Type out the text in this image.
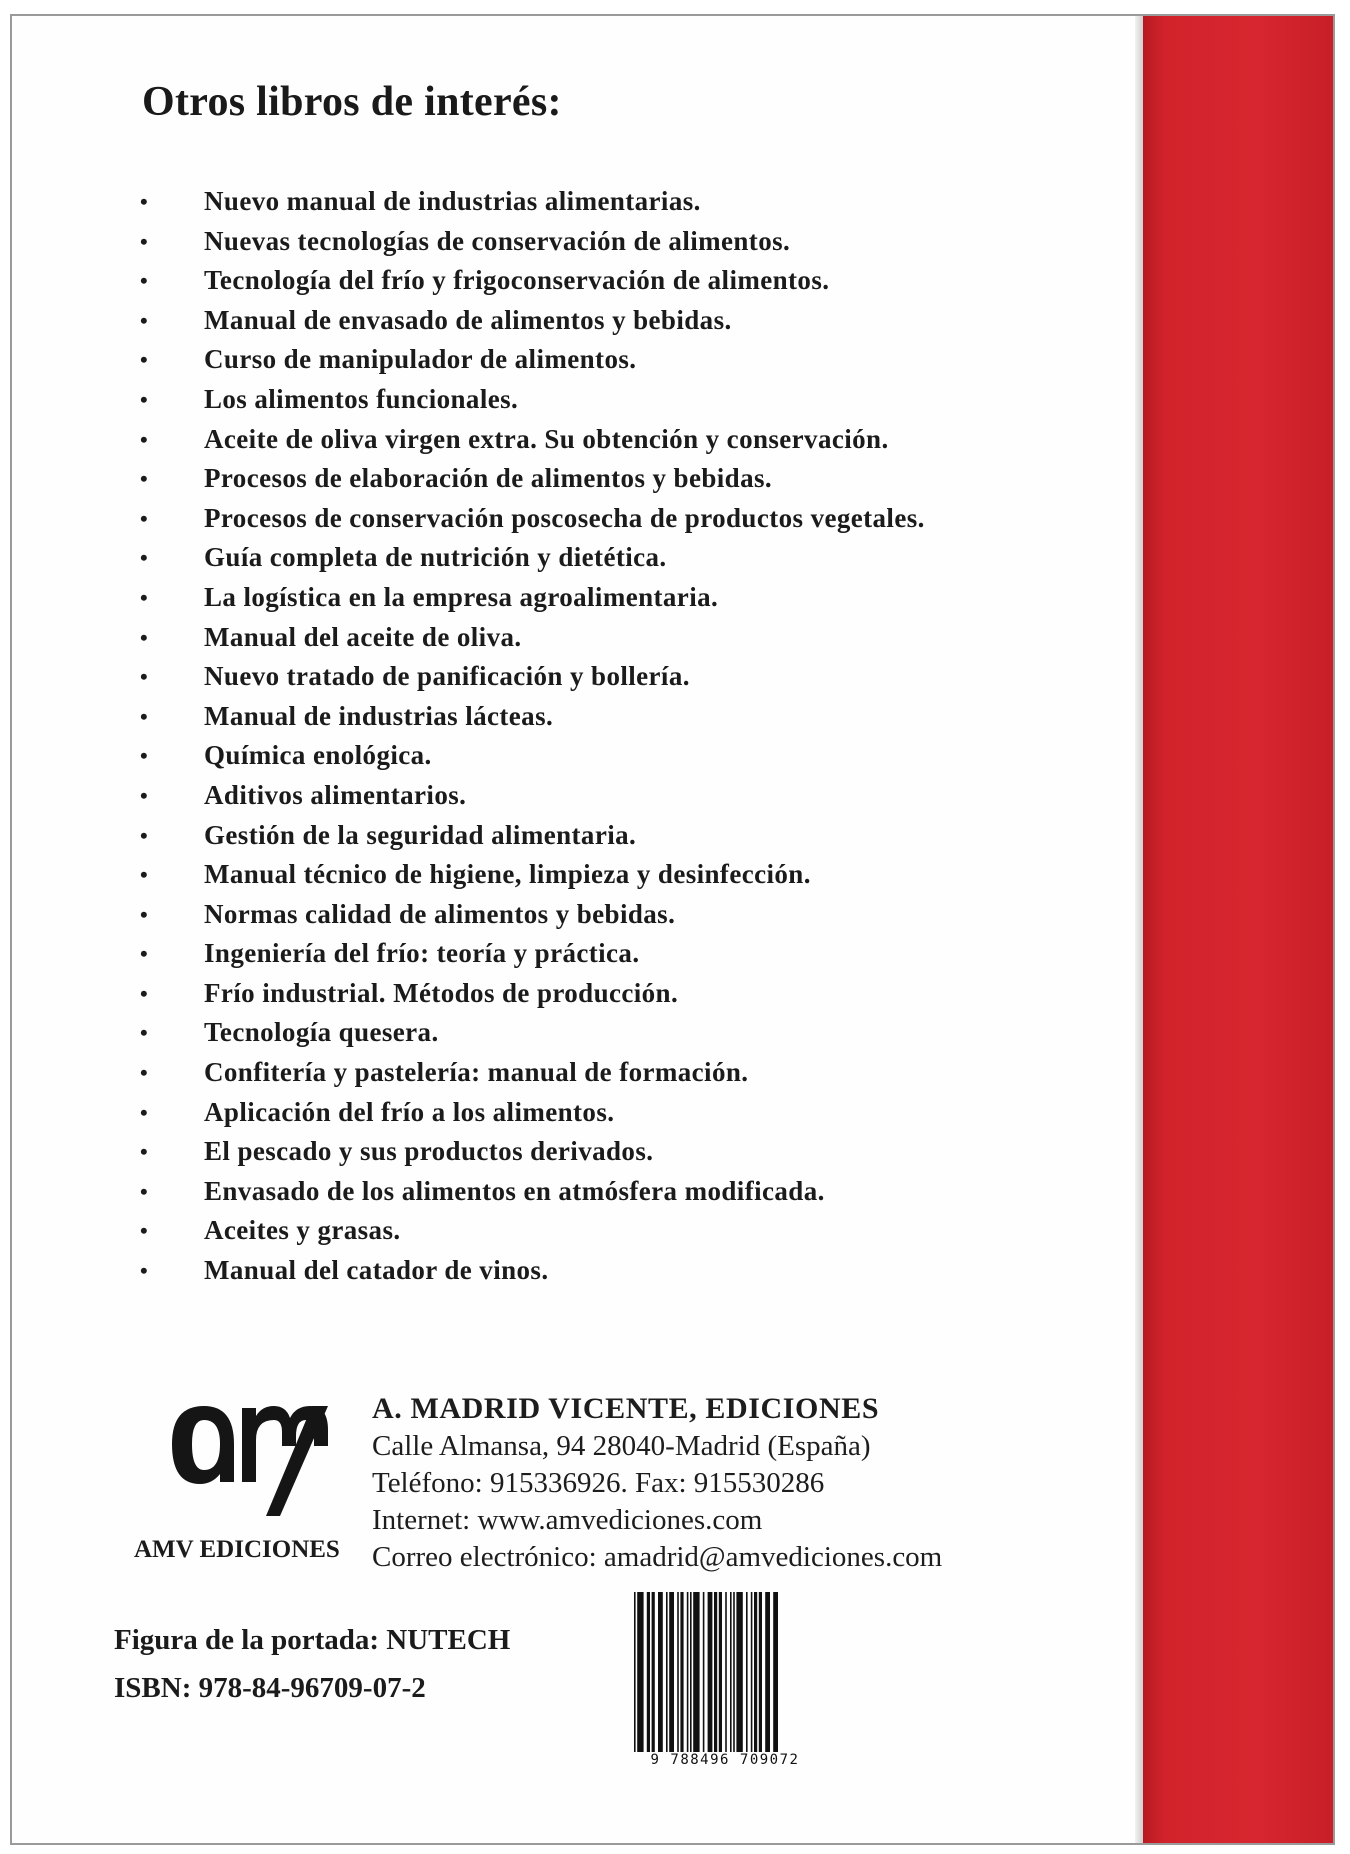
Otros libros de interés:
• Nuevo manual de industrias alimentarias.
• Nuevas tecnologías de conservación de alimentos.
• Tecnología del frío y frigoconservación de alimentos.
• Manual de envasado de alimentos y bebidas.
• Curso de manipulador de alimentos.
• Los alimentos funcionales.
• Aceite de oliva virgen extra. Su obtención y conservación.
• Procesos de elaboración de alimentos y bebidas.
• Procesos de conservación poscosecha de productos vegetales.
• Guía completa de nutrición y dietética.
• La logística en la empresa agroalimentaria.
• Manual del aceite de oliva.
• Nuevo tratado de panificación y bollería.
• Manual de industrias lácteas.
• Química enológica.
• Aditivos alimentarios.
• Gestión de la seguridad alimentaria.
• Manual técnico de higiene, limpieza y desinfección.
• Normas calidad de alimentos y bebidas.
• Ingeniería del frío: teoría y práctica.
• Frío industrial. Métodos de producción.
• Tecnología quesera.
• Confitería y pastelería: manual de formación.
• Aplicación del frío a los alimentos.
• El pescado y sus productos derivados.
• Envasado de los alimentos en atmósfera modificada.
• Aceites y grasas.
• Manual del catador de vinos.

AMV EDICIONES

A. MADRID VICENTE, EDICIONES
Calle Almansa, 94 28040-Madrid (España)
Teléfono: 915336926. Fax: 915530286
Internet: www.amvediciones.com
Correo electrónico: amadrid@amvediciones.com
Figura de la portada: NUTECH
ISBN: 978-84-96709-07-2
9 788496 709072
